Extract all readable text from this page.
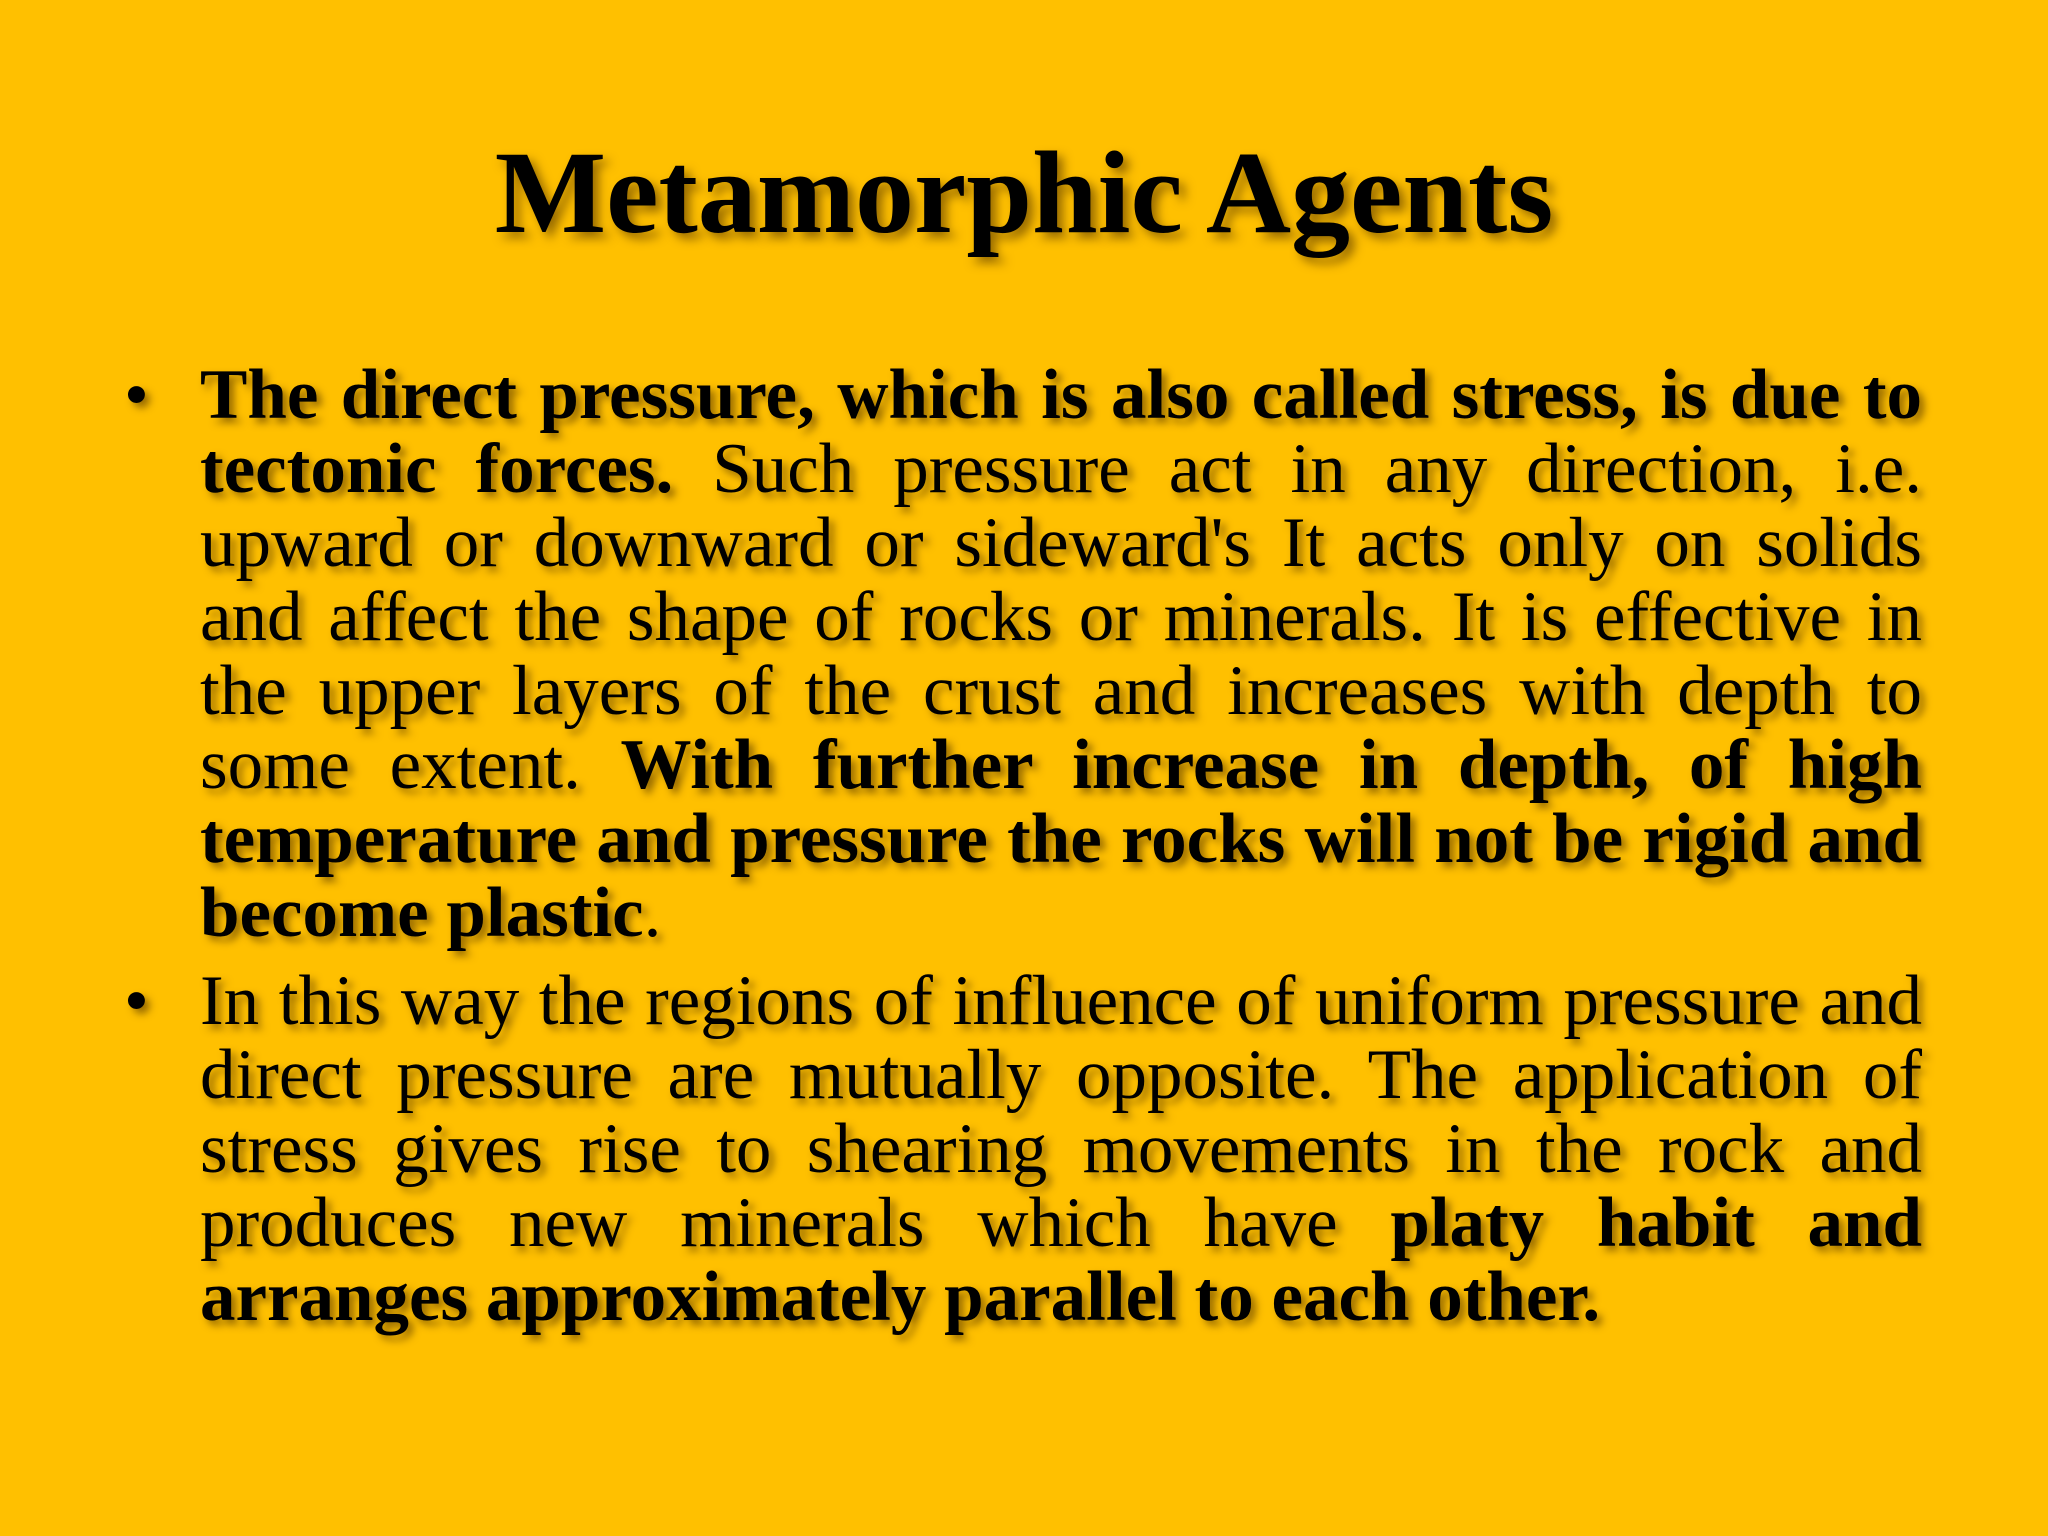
Metamorphic Agents

• The direct pressure, which is also called stress, is due to tectonic forces. Such pressure act in any direction, i.e. upward or downward or sideward's It acts only on solids and affect the shape of rocks or minerals. It is effective in the upper layers of the crust and increases with depth to some extent. With further increase in depth, of high temperature and pressure the rocks will not be rigid and become plastic.

• In this way the regions of influence of uniform pressure and direct pressure are mutually opposite. The application of stress gives rise to shearing movements in the rock and produces new minerals which have platy habit and arranges approximately parallel to each other.
